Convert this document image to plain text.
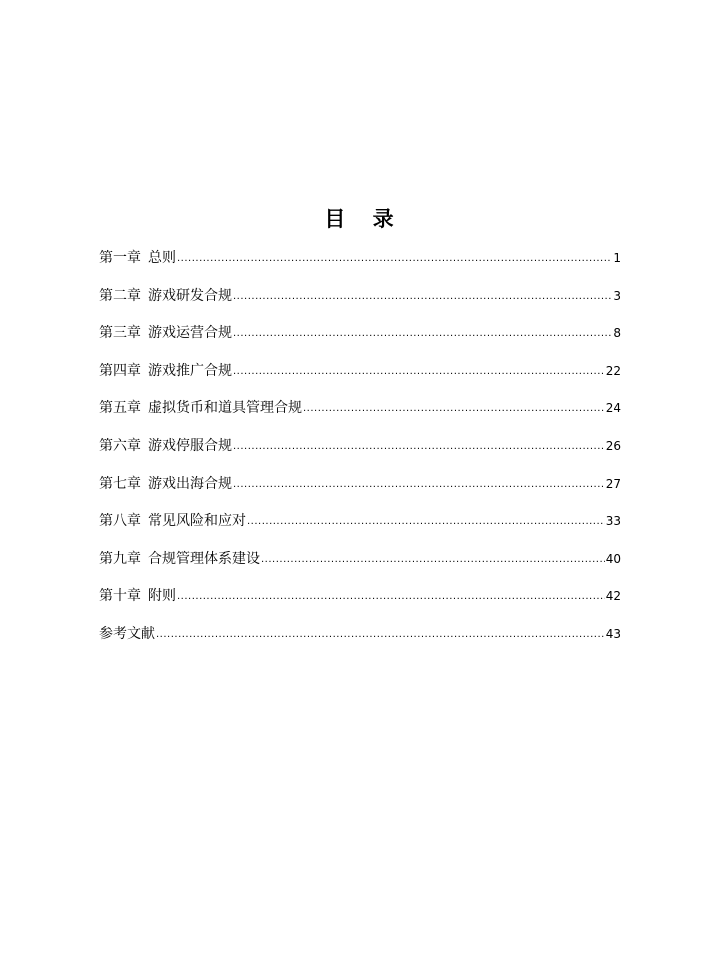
目 录
第一章 总则 .....	1
第二章 游戏研发合规 .....	3
第三章 游戏运营合规 .....	8
第四章 游戏推广合规 .....	22
第五章 虚拟货币和道具管理合规 .....	24
第六章 游戏停服合规 .....	26
第七章 游戏出海合规 .....	27
第八章 常见风险和应对 .....	33
第九章 合规管理体系建设 .....	40
第十章 附则 .....	42
参考文献 .....	43
